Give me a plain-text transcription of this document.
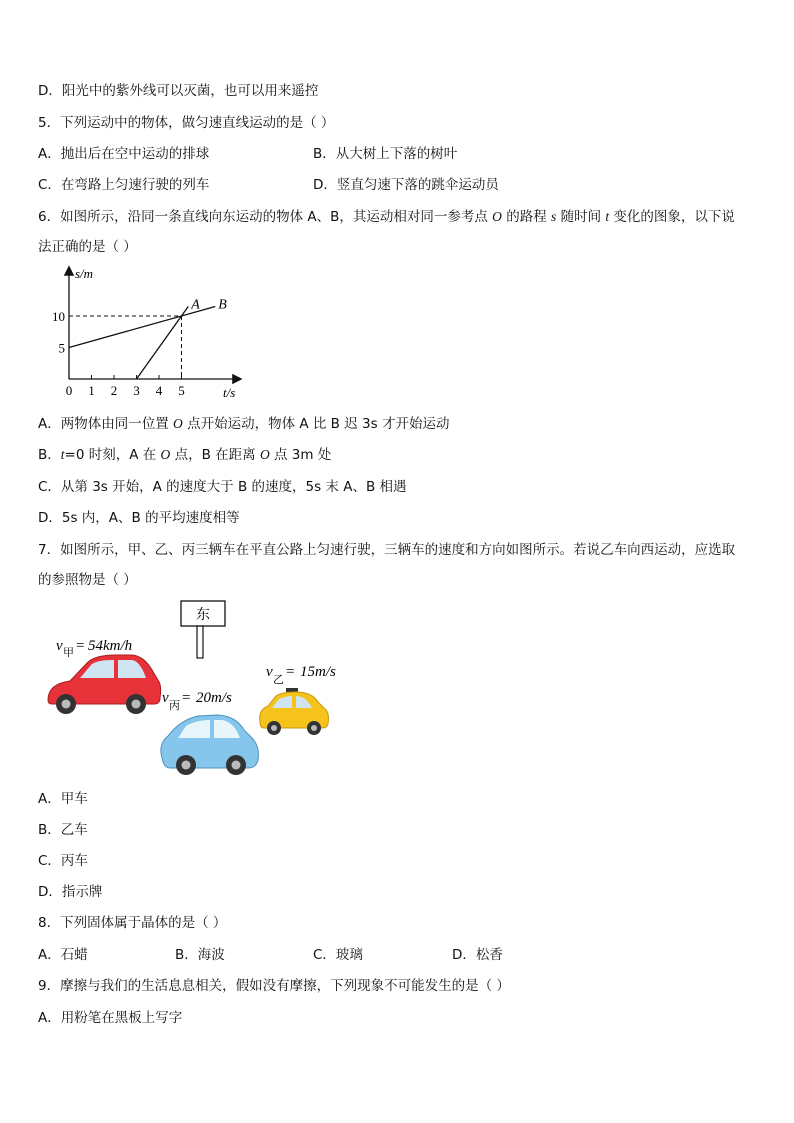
D．阳光中的紫外线可以灭菌，也可以用来遥控
5．下列运动中的物体，做匀速直线运动的是（ ）
A．抛出后在空中运动的排球	B．从大树上下落的树叶
C．在弯路上匀速行驶的列车	D．竖直匀速下落的跳伞运动员
6．如图所示，沿同一条直线向东运动的物体 A、B，其运动相对同一参考点 O 的路程 s 随时间 t 变化的图象，以下说
法正确的是（ ）
s/m
t/s
0 1 2 3 4 5
5
10
A B
A．两物体由同一位置 O 点开始运动，物体 A 比 B 迟 3s 才开始运动
B．t=0 时刻，A 在 O 点，B 在距离 O 点 3m 处
C．从第 3s 开始，A 的速度大于 B 的速度，5s 末 A、B 相遇
D．5s 内，A、B 的平均速度相等
7．如图所示，甲、乙、丙三辆车在平直公路上匀速行驶，三辆车的速度和方向如图所示。若说乙车向西运动，应选取
的参照物是（ ）
东
v 甲 = 54km/h
v 丙 = 20m/s
v 乙 = 15m/s
A．甲车
B．乙车
C．丙车
D．指示牌
8．下列固体属于晶体的是（ ）
A．石蜡	B．海波	C．玻璃	D．松香
9．摩擦与我们的生活息息相关，假如没有摩擦，下列现象不可能发生的是（ ）
A．用粉笔在黑板上写字
